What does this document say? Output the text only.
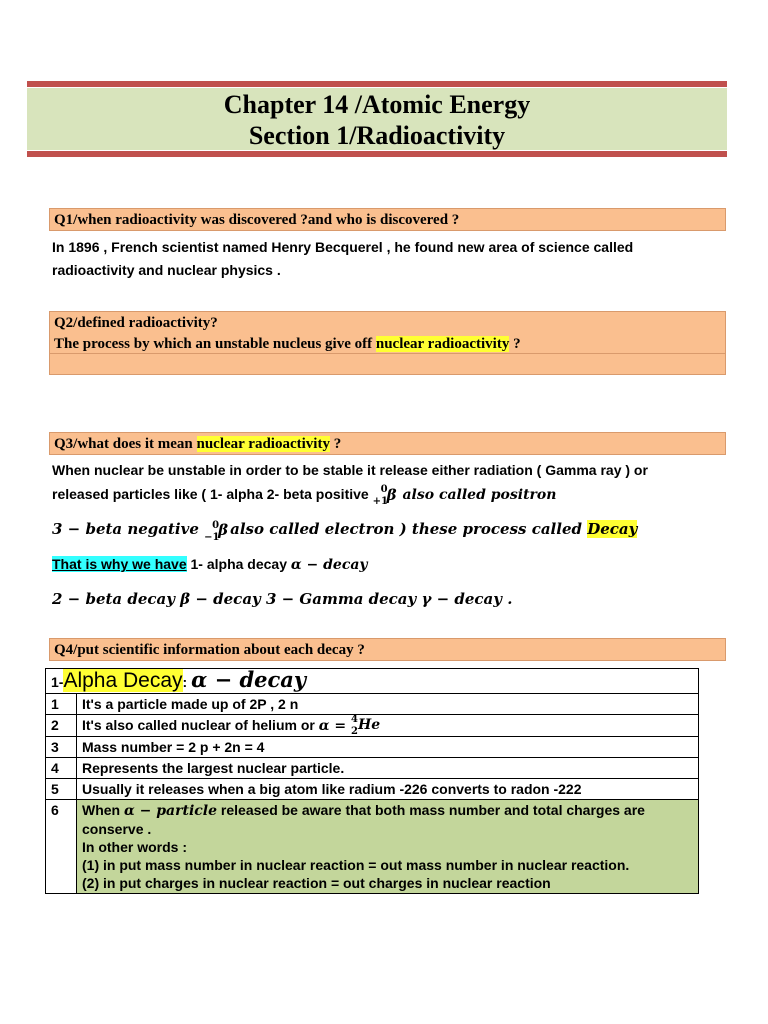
Chapter 14 /Atomic Energy
Section 1/Radioactivity
Q1/when radioactivity was discovered ?and who is discovered ?
In 1896 , French scientist named Henry Becquerel , he found new area of science called
radioactivity and nuclear physics .
Q2/defined radioactivity?
The process by which an unstable nucleus give off nuclear radioactivity ?
Q3/what does it mean nuclear radioactivity ?
When nuclear be unstable in order to be stable it release either radiation ( Gamma ray ) or
released particles like ( 1- alpha 2- beta positive 0
+1
β also called positron
3 − beta negative 0
−1
β also called electron ) these process called Decay
That is why we have 1- alpha decay α − decay
2 − beta decay β − decay 3 − Gamma decay γ − decay .
Q4/put scientific information about each decay ?
1-Alpha Decay: α − decay	
1	It's a particle made up of 2P , 2 n
2	It's also called nuclear of helium or α = 4
2 He

3	Mass number = 2 p + 2n = 4
4	Represents the largest nuclear particle.
5	Usually it releases when a big atom like radium -226 converts to radon -222
6	When α − particle released be aware that both mass number and total charges are conserve .
In other words :
(1) in put mass number in nuclear reaction = out mass number in nuclear reaction.
(2) in put charges in nuclear reaction = out charges in nuclear reaction
